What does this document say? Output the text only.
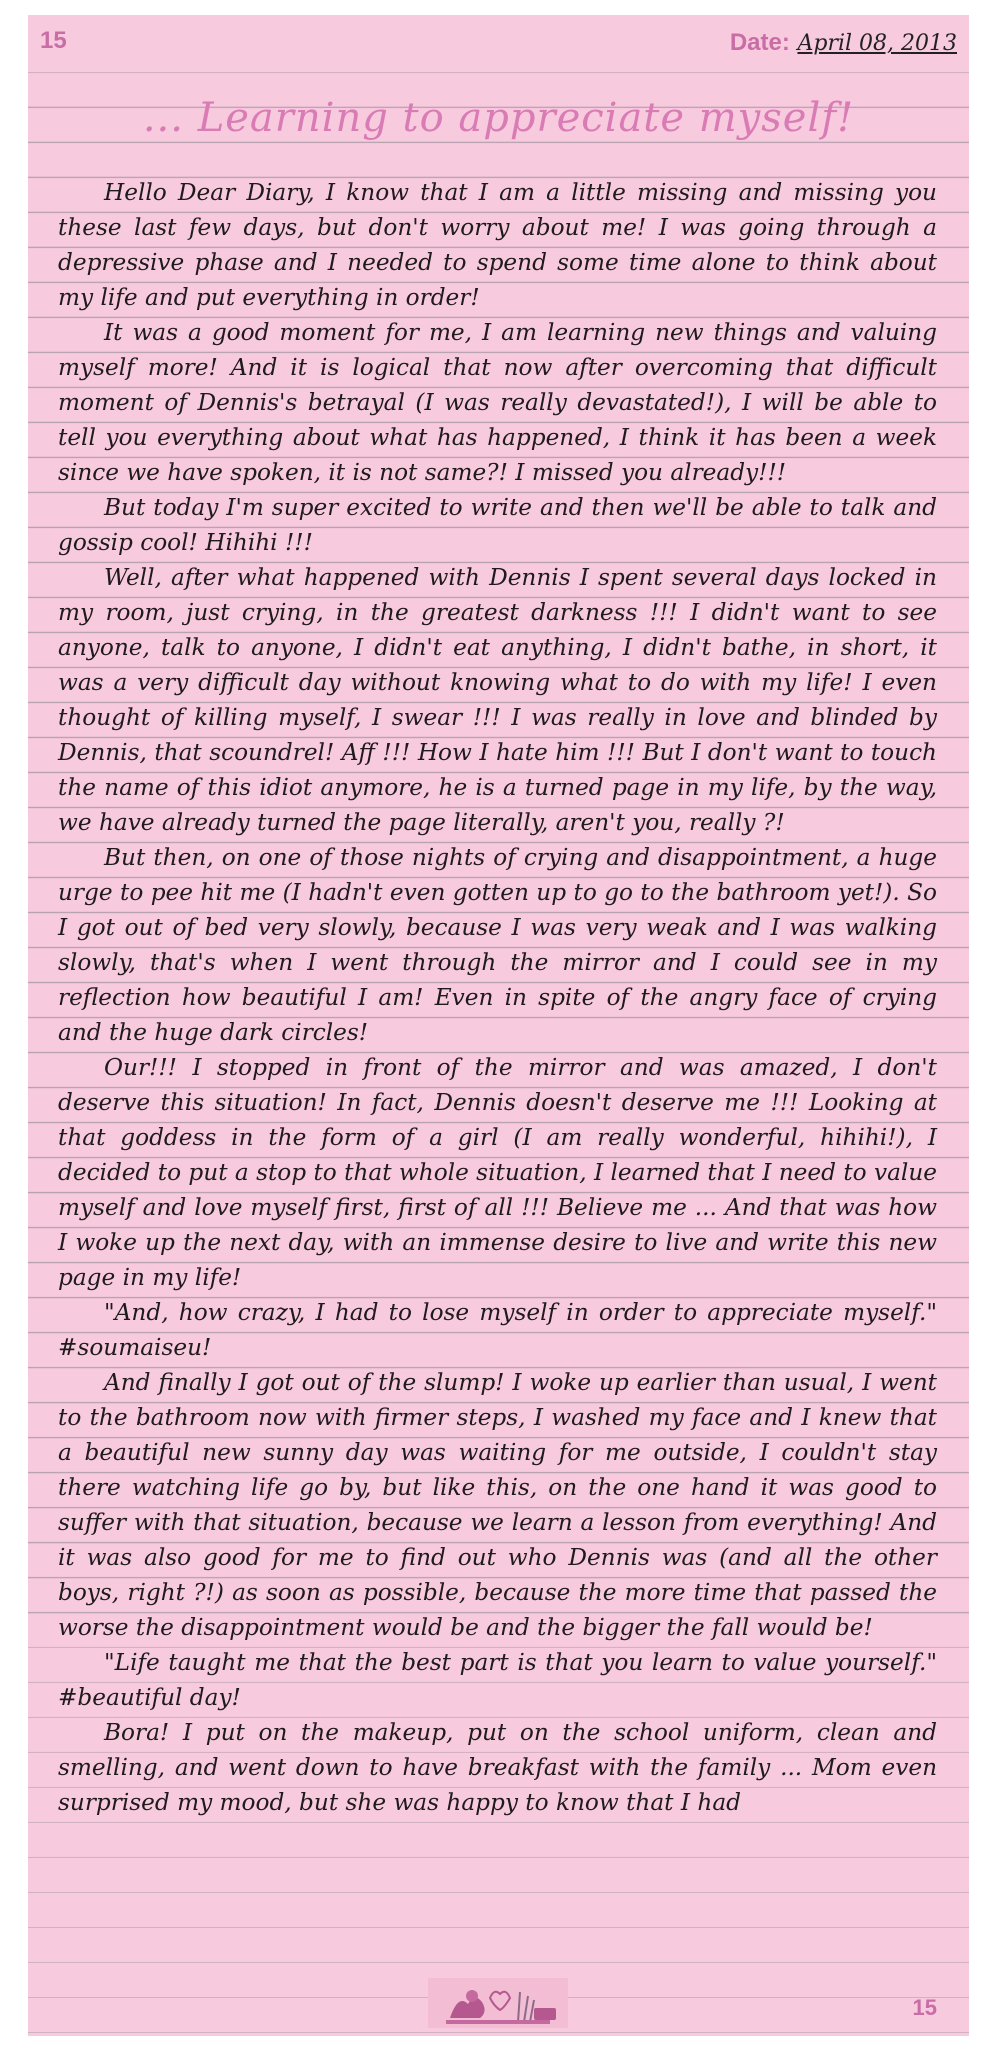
15	Date: April 08, 2013
... Learning to appreciate myself!

Hello Dear Diary, I know that I am a little missing and missing you these last few days, but don't worry about me! I was going through a depressive phase and I needed to spend some time alone to think about my life and put everything in order!

It was a good moment for me, I am learning new things and valuing myself more! And it is logical that now after overcoming that difficult moment of Dennis's betrayal (I was really devastated!), I will be able to tell you everything about what has happened, I think it has been a week since we have spoken, it is not same?! I missed you already!!!

But today I'm super excited to write and then we'll be able to talk and gossip cool! Hihihi !!!

Well, after what happened with Dennis I spent several days locked in my room, just crying, in the greatest darkness !!! I didn't want to see anyone, talk to anyone, I didn't eat anything, I didn't bathe, in short, it was a very difficult day without knowing what to do with my life! I even thought of killing myself, I swear !!! I was really in love and blinded by Dennis, that scoundrel! Aff !!! How I hate him !!! But I don't want to touch the name of this idiot anymore, he is a turned page in my life, by the way, we have already turned the page literally, aren't you, really ?!

But then, on one of those nights of crying and disappointment, a huge urge to pee hit me (I hadn't even gotten up to go to the bathroom yet!). So I got out of bed very slowly, because I was very weak and I was walking slowly, that's when I went through the mirror and I could see in my reflection how beautiful I am! Even in spite of the angry face of crying and the huge dark circles!

Our!!! I stopped in front of the mirror and was amazed, I don't deserve this situation! In fact, Dennis doesn't deserve me !!! Looking at that goddess in the form of a girl (I am really wonderful, hihihi!), I decided to put a stop to that whole situation, I learned that I need to value myself and love myself first, first of all !!! Believe me ... And that was how I woke up the next day, with an immense desire to live and write this new page in my life!

"And, how crazy, I had to lose myself in order to appreciate myself." #soumaiseu!

And finally I got out of the slump! I woke up earlier than usual, I went to the bathroom now with firmer steps, I washed my face and I knew that a beautiful new sunny day was waiting for me outside, I couldn't stay there watching life go by, but like this, on the one hand it was good to suffer with that situation, because we learn a lesson from everything! And it was also good for me to find out who Dennis was (and all the other boys, right ?!) as soon as possible, because the more time that passed the worse the disappointment would be and the bigger the fall would be!

"Life taught me that the best part is that you learn to value yourself." #beautiful day!

Bora! I put on the makeup, put on the school uniform, clean and smelling, and went down to have breakfast with the family ... Mom even surprised my mood, but she was happy to know that I had

15
